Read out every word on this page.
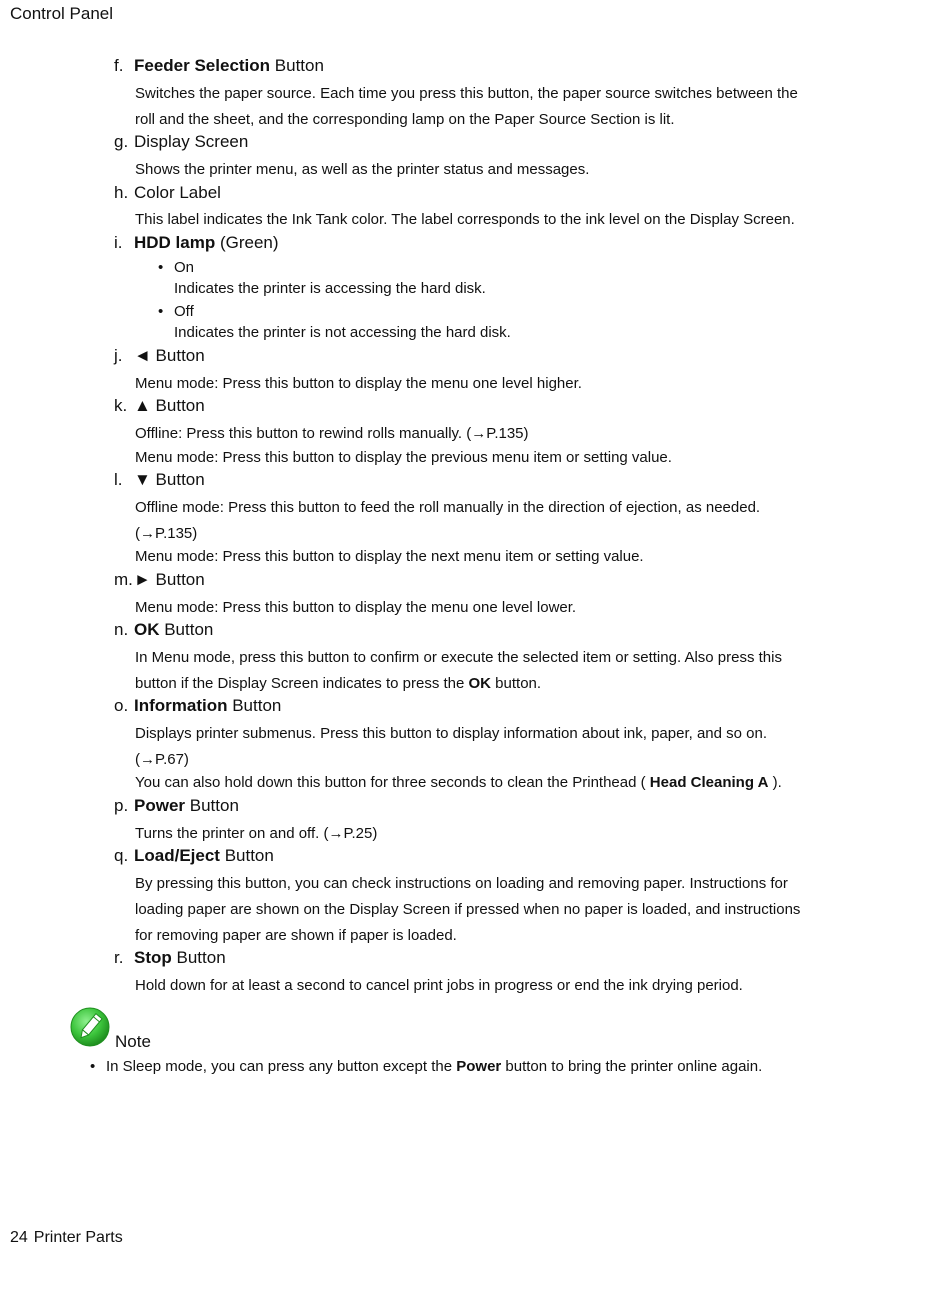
Control Panel
f. Feeder Selection Button
Switches the paper source. Each time you press this button, the paper source switches between the
roll and the sheet, and the corresponding lamp on the Paper Source Section is lit.
g. Display Screen
Shows the printer menu, as well as the printer status and messages.
h. Color Label
This label indicates the Ink Tank color. The label corresponds to the ink level on the Display Screen.
i. HDD lamp (Green)
• On
Indicates the printer is accessing the hard disk.
• Off
Indicates the printer is not accessing the hard disk.
j. ◄ Button
Menu mode: Press this button to display the menu one level higher.
k. ▲ Button
Offline: Press this button to rewind rolls manually. (→P.135)
Menu mode: Press this button to display the previous menu item or setting value.
l. ▼ Button
Offline mode: Press this button to feed the roll manually in the direction of ejection, as needed.
(→P.135)
Menu mode: Press this button to display the next menu item or setting value.
m.► Button
Menu mode: Press this button to display the menu one level lower.
n. OK Button
In Menu mode, press this button to confirm or execute the selected item or setting. Also press this
button if the Display Screen indicates to press the OK button.
o. Information Button
Displays printer submenus. Press this button to display information about ink, paper, and so on.
(→P.67)
You can also hold down this button for three seconds to clean the Printhead ( Head Cleaning A ).
p. Power Button
Turns the printer on and off. (→P.25)
q. Load/Eject Button
By pressing this button, you can check instructions on loading and removing paper. Instructions for
loading paper are shown on the Display Screen if pressed when no paper is loaded, and instructions
for removing paper are shown if paper is loaded.
r. Stop Button
Hold down for at least a second to cancel print jobs in progress or end the ink drying period.
Note
• In Sleep mode, you can press any button except the Power button to bring the printer online again.
24 Printer Parts
